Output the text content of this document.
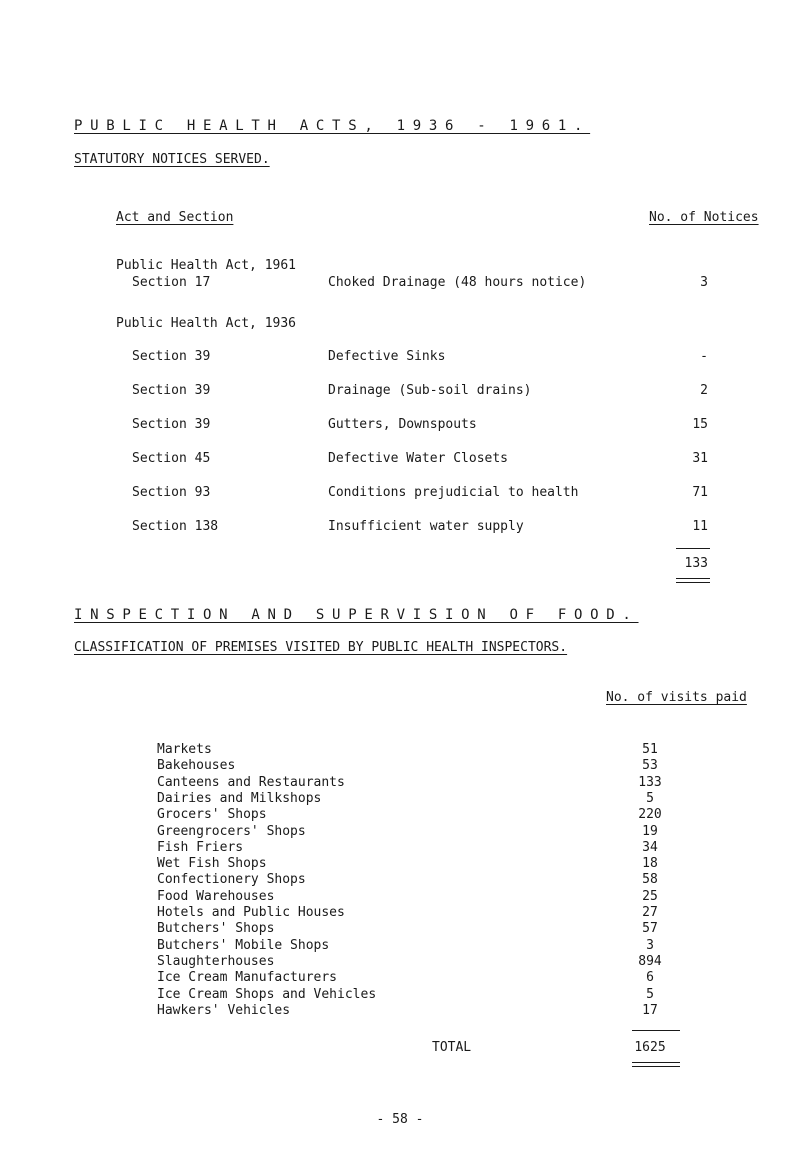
PUBLIC HEALTH ACTS, 1936 - 1961.
STATUTORY NOTICES SERVED.
Act and Section	No. of Notices
Public Health Act, 1961
Section 17	Choked Drainage (48 hours notice)	3
Public Health Act, 1936
Section 39	Defective Sinks	-
Section 39	Drainage (Sub-soil drains)	2
Section 39	Gutters, Downspouts	15
Section 45	Defective Water Closets	31
Section 93	Conditions prejudicial to health	71
Section 138	Insufficient water supply	11
133
INSPECTION AND SUPERVISION OF FOOD.
CLASSIFICATION OF PREMISES VISITED BY PUBLIC HEALTH INSPECTORS.
No. of visits paid
Markets	51
Bakehouses	53
Canteens and Restaurants	133
Dairies and Milkshops	5
Grocers' Shops	220
Greengrocers' Shops	19
Fish Friers	34
Wet Fish Shops	18
Confectionery Shops	58
Food Warehouses	25
Hotels and Public Houses	27
Butchers' Shops	57
Butchers' Mobile Shops	3
Slaughterhouses	894
Ice Cream Manufacturers	6
Ice Cream Shops and Vehicles	5
Hawkers' Vehicles	17
TOTAL	1625
- 58 -
